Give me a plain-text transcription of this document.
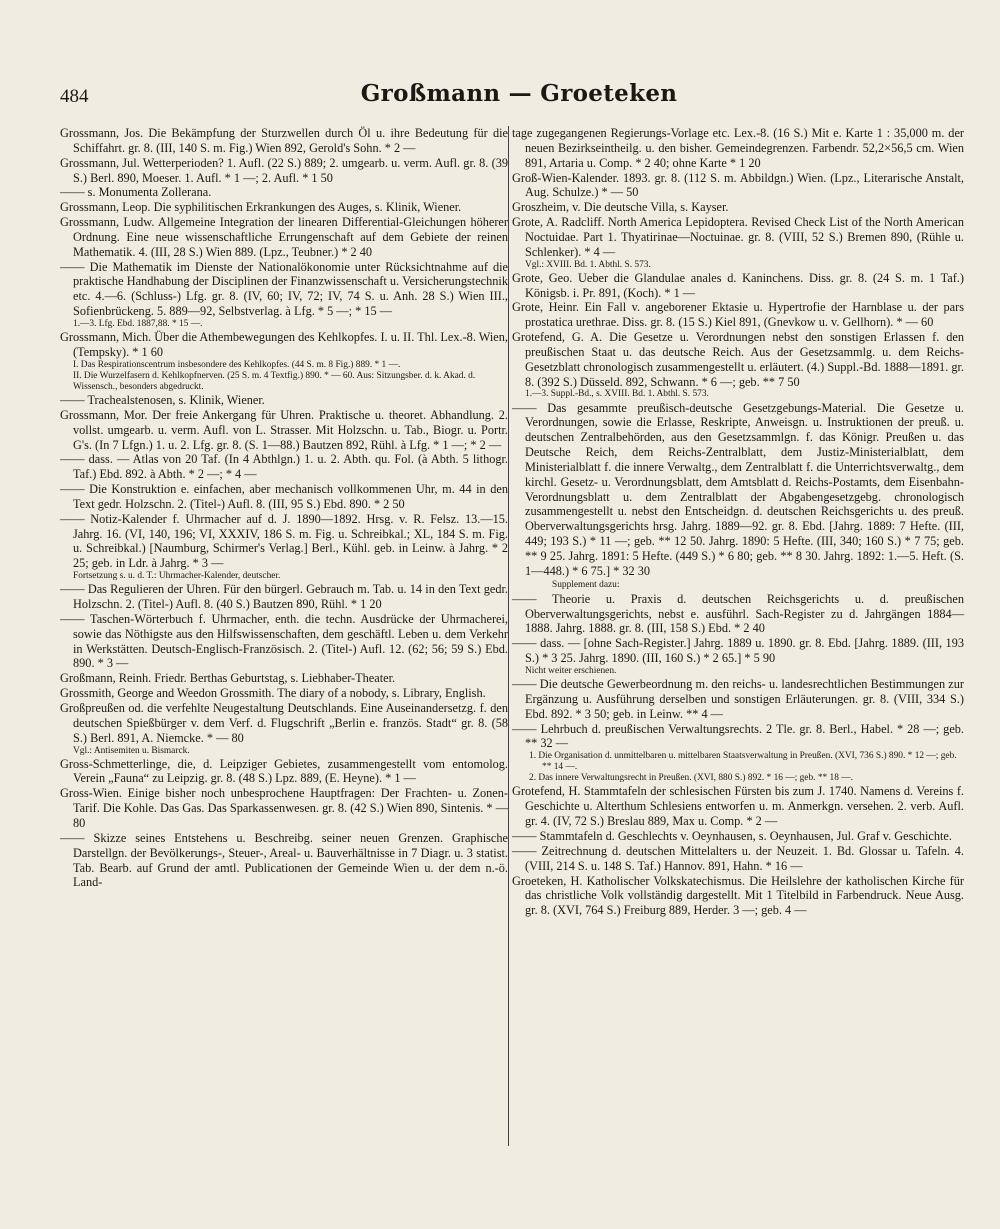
484	Großmann — Groeteken

Grossmann, Jos. Die Bekämpfung der Sturzwellen durch Öl u. ihre Bedeutung für die Schiffahrt. gr. 8. (III, 140 S. m. Fig.) Wien 892, Gerold's Sohn. * 2 —

Grossmann, Jul. Wetterperioden? 1. Aufl. (22 S.) 889; 2. umgearb. u. verm. Aufl. gr. 8. (39 S.) Berl. 890, Moeser. 1. Aufl. * 1 —; 2. Aufl. * 1 50

—— s. Monumenta Zollerana.

Grossmann, Leop. Die syphilitischen Erkrankungen des Auges, s. Klinik, Wiener.

Grossmann, Ludw. Allgemeine Integration der linearen Differential-Gleichungen höherer Ordnung. Eine neue wissenschaftliche Errungenschaft auf dem Gebiete der reinen Mathematik. 4. (III, 28 S.) Wien 889. (Lpz., Teubner.) * 2 40

—— Die Mathematik im Dienste der Nationalökonomie unter Rücksichtnahme auf die praktische Handhabung der Disciplinen der Finanzwissenschaft u. Versicherungstechnik etc. 4.—6. (Schluss-) Lfg. gr. 8. (IV, 60; IV, 72; IV, 74 S. u. Anh. 28 S.) Wien III., Sofienbrückeng. 5. 889—92, Selbstverlag. à Lfg. * 5 —; * 15 —

1.—3. Lfg. Ebd. 1887,88. * 15 —.

Grossmann, Mich. Über die Athembewegungen des Kehlkopfes. I. u. II. Thl. Lex.-8. Wien, (Tempsky). * 1 60

I. Das Respirationscentrum insbesondere des Kehlkopfes. (44 S. m. 8 Fig.) 889. * 1 —.

II. Die Wurzelfasern d. Kehlkopfnerven. (25 S. m. 4 Textfig.) 890. * — 60. Aus: Sitzungsber. d. k. Akad. d. Wissensch., besonders abgedruckt.

—— Trachealstenosen, s. Klinik, Wiener.

Grossmann, Mor. Der freie Ankergang für Uhren. Praktische u. theoret. Abhandlung. 2. vollst. umgearb. u. verm. Aufl. von L. Strasser. Mit Holzschn. u. Tab., Biogr. u. Portr. G's. (In 7 Lfgn.) 1. u. 2. Lfg. gr. 8. (S. 1—88.) Bautzen 892, Rühl. à Lfg. * 1 —; * 2 —

—— dass. — Atlas von 20 Taf. (In 4 Abthlgn.) 1. u. 2. Abth. qu. Fol. (à Abth. 5 lithogr. Taf.) Ebd. 892. à Abth. * 2 —; * 4 —

—— Die Konstruktion e. einfachen, aber mechanisch vollkommenen Uhr, m. 44 in den Text gedr. Holzschn. 2. (Titel-) Aufl. 8. (III, 95 S.) Ebd. 890. * 2 50

—— Notiz-Kalender f. Uhrmacher auf d. J. 1890—1892. Hrsg. v. R. Felsz. 13.—15. Jahrg. 16. (VI, 140, 196; VI, XXXIV, 186 S. m. Fig. u. Schreibkal.; XL, 184 S. m. Fig. u. Schreibkal.) [Naumburg, Schirmer's Verlag.] Berl., Kühl. geb. in Leinw. à Jahrg. * 2 25; geb. in Ldr. à Jahrg. * 3 —

Fortsetzung s. u. d. T.: Uhrmacher-Kalender, deutscher.

—— Das Regulieren der Uhren. Für den bürgerl. Gebrauch m. Tab. u. 14 in den Text gedr. Holzschn. 2. (Titel-) Aufl. 8. (40 S.) Bautzen 890, Rühl. * 1 20

—— Taschen-Wörterbuch f. Uhrmacher, enth. die techn. Ausdrücke der Uhrmacherei, sowie das Nöthigste aus den Hilfswissenschaften, dem geschäftl. Leben u. dem Verkehr in Werkstätten. Deutsch-Englisch-Französisch. 2. (Titel-) Aufl. 12. (62; 56; 59 S.) Ebd. 890. * 3 —

Großmann, Reinh. Friedr. Berthas Geburtstag, s. Liebhaber-Theater.

Grossmith, George and Weedon Grossmith. The diary of a nobody, s. Library, English.

Großpreußen od. die verfehlte Neugestaltung Deutschlands. Eine Auseinandersetzg. f. den deutschen Spießbürger v. dem Verf. d. Flugschrift „Berlin e. französ. Stadt“ gr. 8. (58 S.) Berl. 891, A. Niemcke. * — 80

Vgl.: Antisemiten u. Bismarck.

Gross-Schmetterlinge, die, d. Leipziger Gebietes, zusammengestellt vom entomolog. Verein „Fauna“ zu Leipzig. gr. 8. (48 S.) Lpz. 889, (E. Heyne). * 1 —

Gross-Wien. Einige bisher noch unbesprochene Hauptfragen: Der Frachten- u. Zonen-Tarif. Die Kohle. Das Gas. Das Sparkassenwesen. gr. 8. (42 S.) Wien 890, Sintenis. * — 80

—— Skizze seines Entstehens u. Beschreibg. seiner neuen Grenzen. Graphische Darstellgn. der Bevölkerungs-, Steuer-, Areal- u. Bauverhältnisse in 7 Diagr. u. 3 statist. Tab. Bearb. auf Grund der amtl. Publicationen der Gemeinde Wien u. der dem n.-ö. Land-

tage zugegangenen Regierungs-Vorlage etc. Lex.-8. (16 S.) Mit e. Karte 1 : 35,000 m. der neuen Bezirkseintheilg. u. den bisher. Gemeindegrenzen. Farbendr. 52,2×56,5 cm. Wien 891, Artaria u. Comp. * 2 40; ohne Karte * 1 20

Groß-Wien-Kalender. 1893. gr. 8. (112 S. m. Abbildgn.) Wien. (Lpz., Literarische Anstalt, Aug. Schulze.) * — 50

Groszheim, v. Die deutsche Villa, s. Kayser.

Grote, A. Radcliff. North America Lepidoptera. Revised Check List of the North American Noctuidae. Part 1. Thyatirinae—Noctuinae. gr. 8. (VIII, 52 S.) Bremen 890, (Rühle u. Schlenker). * 4 —

Vgl.: XVIII. Bd. 1. Abthl. S. 573.

Grote, Geo. Ueber die Glandulae anales d. Kaninchens. Diss. gr. 8. (24 S. m. 1 Taf.) Königsb. i. Pr. 891, (Koch). * 1 —

Grote, Heinr. Ein Fall v. angeborener Ektasie u. Hypertrofie der Harnblase u. der pars prostatica urethrae. Diss. gr. 8. (15 S.) Kiel 891, (Gnevkow u. v. Gellhorn). * — 60

Grotefend, G. A. Die Gesetze u. Verordnungen nebst den sonstigen Erlassen f. den preußischen Staat u. das deutsche Reich. Aus der Gesetzsammlg. u. dem Reichs-Gesetzblatt chronologisch zusammengestellt u. erläutert. (4.) Suppl.-Bd. 1888—1891. gr. 8. (392 S.) Düsseld. 892, Schwann. * 6 —; geb. ** 7 50

1.—3. Suppl.-Bd., s. XVIII. Bd. 1. Abthl. S. 573.

—— Das gesammte preußisch-deutsche Gesetzgebungs-Material. Die Gesetze u. Verordnungen, sowie die Erlasse, Reskripte, Anweisgn. u. Instruktionen der preuß. u. deutschen Zentralbehörden, aus den Gesetzsammlgn. f. das Königr. Preußen u. das Deutsche Reich, dem Reichs-Zentralblatt, dem Justiz-Ministerialblatt, dem Ministerialblatt f. die innere Verwaltg., dem Zentralblatt f. die Unterrichtsverwaltg., dem kirchl. Gesetz- u. Verordnungsblatt, dem Amtsblatt d. Reichs-Postamts, dem Eisenbahn-Verordnungsblatt u. dem Zentralblatt der Abgabengesetzgebg. chronologisch zusammengestellt u. nebst den Entscheidgn. d. deutschen Reichsgerichts u. des preuß. Oberverwaltungsgerichts hrsg. Jahrg. 1889—92. gr. 8. Ebd. [Jahrg. 1889: 7 Hefte. (III, 449; 193 S.) * 11 —; geb. ** 12 50. Jahrg. 1890: 5 Hefte. (III, 340; 160 S.) * 7 75; geb. ** 9 25. Jahrg. 1891: 5 Hefte. (449 S.) * 6 80; geb. ** 8 30. Jahrg. 1892: 1.—5. Heft. (S. 1—448.) * 6 75.] * 32 30

Supplement dazu:

—— Theorie u. Praxis d. deutschen Reichsgerichts u. d. preußischen Oberverwaltungsgerichts, nebst e. ausführl. Sach-Register zu d. Jahrgängen 1884—1888. Jahrg. 1888. gr. 8. (III, 158 S.) Ebd. * 2 40

—— dass. — [ohne Sach-Register.] Jahrg. 1889 u. 1890. gr. 8. Ebd. [Jahrg. 1889. (III, 193 S.) * 3 25. Jahrg. 1890. (III, 160 S.) * 2 65.] * 5 90

Nicht weiter erschienen.

—— Die deutsche Gewerbeordnung m. den reichs- u. landesrechtlichen Bestimmungen zur Ergänzung u. Ausführung derselben und sonstigen Erläuterungen. gr. 8. (VIII, 334 S.) Ebd. 892. * 3 50; geb. in Leinw. ** 4 —

—— Lehrbuch d. preußischen Verwaltungsrechts. 2 Tle. gr. 8. Berl., Habel. * 28 —; geb. ** 32 —

1. Die Organisation d. unmittelbaren u. mittelbaren Staatsverwaltung in Preußen. (XVI, 736 S.) 890. * 12 —; geb. ** 14 —.

2. Das innere Verwaltungsrecht in Preußen. (XVI, 880 S.) 892. * 16 —; geb. ** 18 —.

Grotefend, H. Stammtafeln der schlesischen Fürsten bis zum J. 1740. Namens d. Vereins f. Geschichte u. Alterthum Schlesiens entworfen u. m. Anmerkgn. versehen. 2. verb. Aufl. gr. 4. (IV, 72 S.) Breslau 889, Max u. Comp. * 2 —

—— Stammtafeln d. Geschlechts v. Oeynhausen, s. Oeynhausen, Jul. Graf v. Geschichte.

—— Zeitrechnung d. deutschen Mittelalters u. der Neuzeit. 1. Bd. Glossar u. Tafeln. 4. (VIII, 214 S. u. 148 S. Taf.) Hannov. 891, Hahn. * 16 —

Groeteken, H. Katholischer Volkskatechismus. Die Heilslehre der katholischen Kirche für das christliche Volk vollständig dargestellt. Mit 1 Titelbild in Farbendruck. Neue Ausg. gr. 8. (XVI, 764 S.) Freiburg 889, Herder. 3 —; geb. 4 —
